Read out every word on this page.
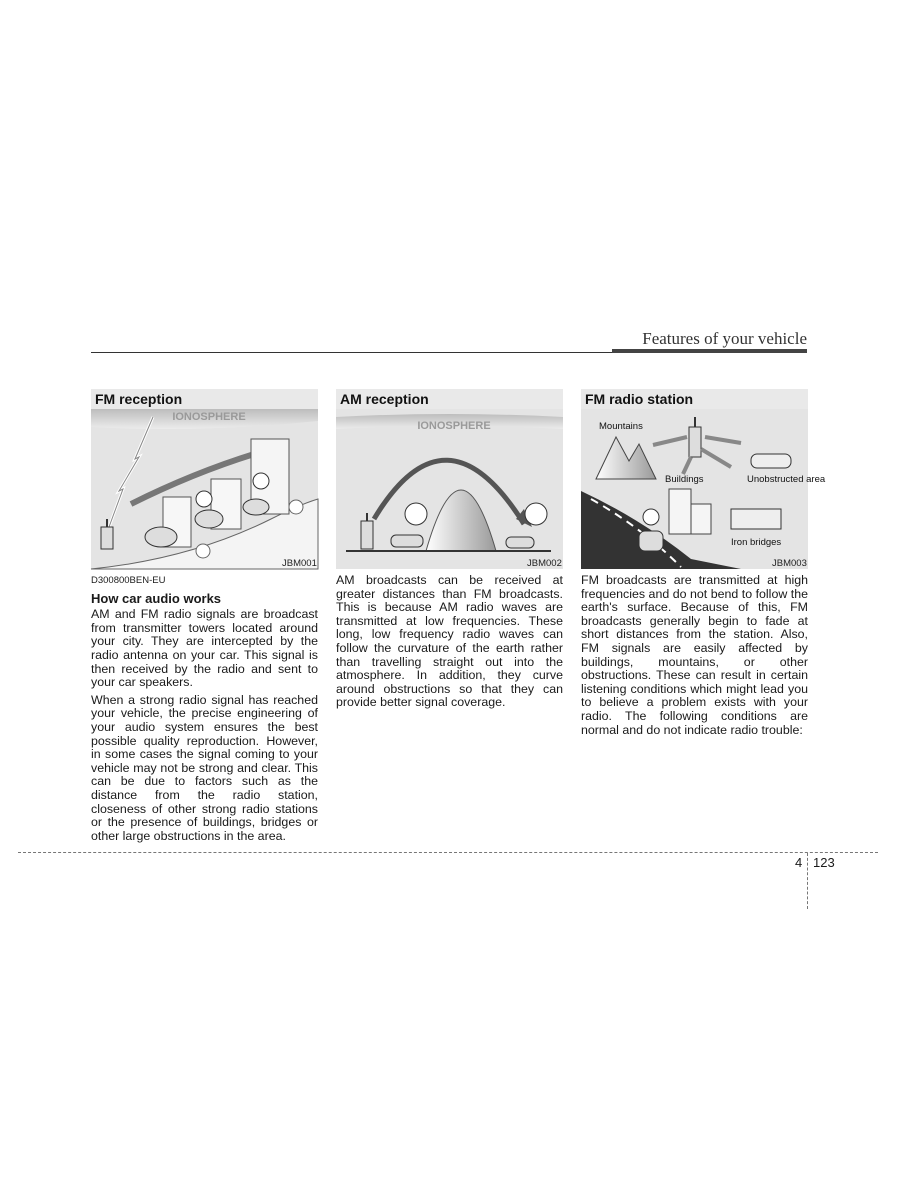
Features of your vehicle
FM reception
IONOSPHERE
JBM001
AM reception
IONOSPHERE
JBM002
FM radio station
Mountains
Buildings	Unobstructed area
Iron bridges
JBM003
D300800BEN-EU
How car audio works

AM and FM radio signals are broadcast from transmitter towers located around your city. They are intercepted by the radio antenna on your car. This signal is then received by the radio and sent to your car speakers.

When a strong radio signal has reached your vehicle, the precise engineering of your audio system ensures the best possible quality reproduction. However, in some cases the signal coming to your vehicle may not be strong and clear. This can be due to factors such as the distance from the radio station, closeness of other strong radio stations or the presence of buildings, bridges or other large obstructions in the area.

AM broadcasts can be received at greater distances than FM broadcasts. This is because AM radio waves are transmitted at low frequencies. These long, low frequency radio waves can follow the curvature of the earth rather than travelling straight out into the atmosphere. In addition, they curve around obstructions so that they can provide better signal coverage.

FM broadcasts are transmitted at high frequencies and do not bend to follow the earth's surface. Because of this, FM broadcasts generally begin to fade at short distances from the station. Also, FM signals are easily affected by buildings, mountains, or other obstructions. These can result in certain listening conditions which might lead you to believe a problem exists with your radio. The following conditions are normal and do not indicate radio trouble:

4 123
